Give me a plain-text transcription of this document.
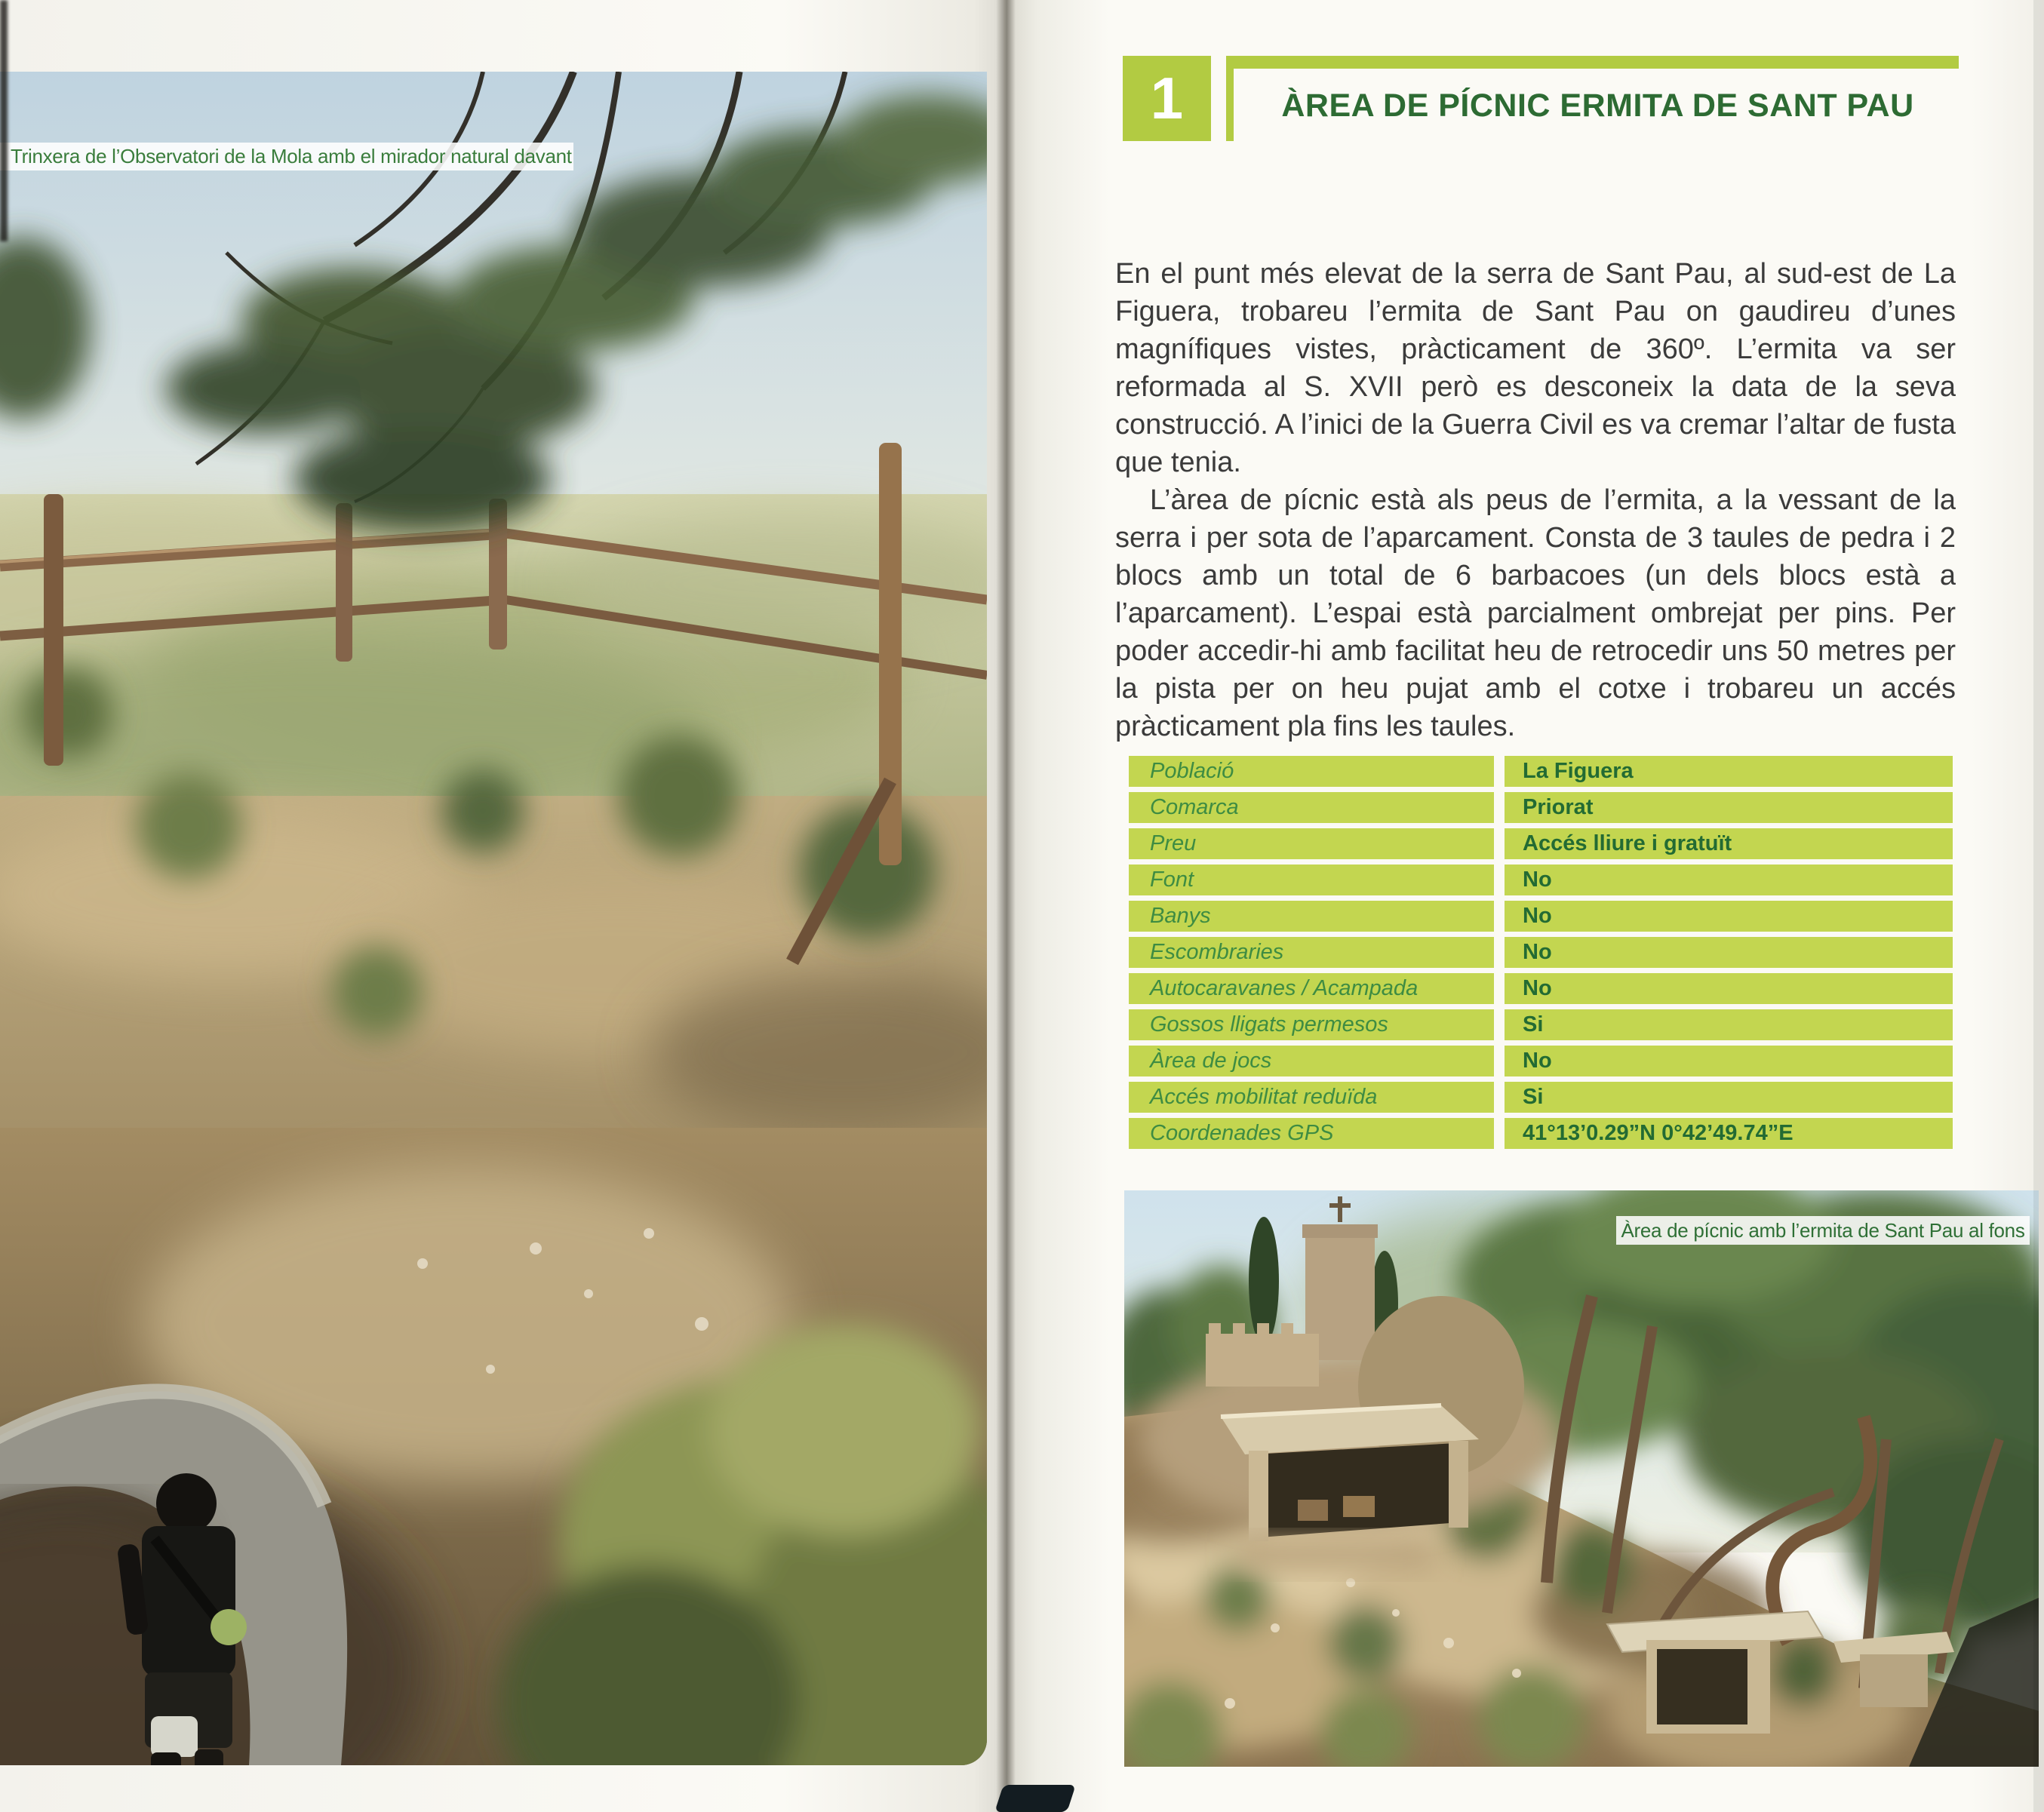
Trinxera de l’Observatori de la Mola amb el mirador natural davant
1	ÀREA DE PÍCNIC ERMITA DE SANT PAU

En el punt més elevat de la serra de Sant Pau, al sud-est de La Figuera, trobareu l’ermita de Sant Pau on gaudireu d’unes magnífiques vistes, pràcticament de 360º. L’ermita va ser reformada al S. XVII però es desconeix la data de la seva construcció. A l’inici de la Guerra Civil es va cremar l’altar de fusta que tenia.

L’àrea de pícnic està als peus de l’ermita, a la vessant de la serra i per sota de l’aparcament. Consta de 3 taules de pedra i 2 blocs amb un total de 6 barbacoes (un dels blocs està a l’aparcament). L’espai està parcialment ombrejat per pins. Per poder accedir-hi amb facilitat heu de retrocedir uns 50 metres per la pista per on heu pujat amb el cotxe i trobareu un accés pràcticament pla fins les taules.

Població	La Figuera
Comarca	Priorat
Preu	Accés lliure i gratuït
Font	No
Banys	No
Escombraries	No
Autocaravanes / Acampada	No
Gossos lligats permesos	Si
Àrea de jocs	No
Accés mobilitat reduïda	Si
Coordenades GPS	41°13’0.29”N 0°42’49.74”E
Àrea de pícnic amb l’ermita de Sant Pau al fons
